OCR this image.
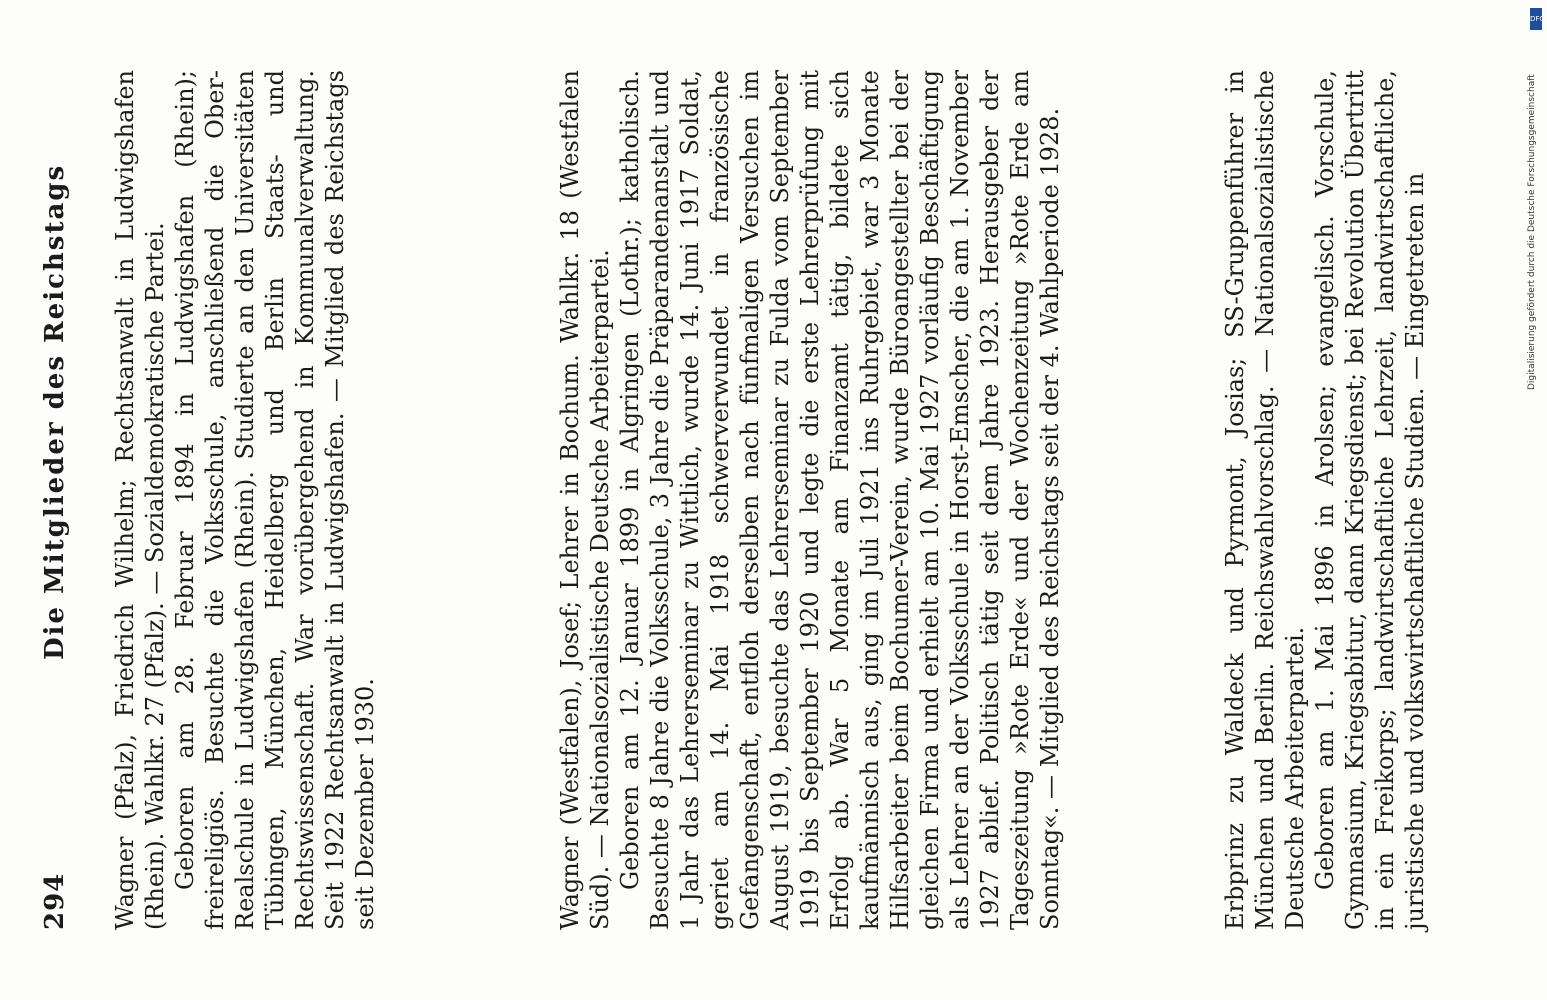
294
Die Mitglieder des Reichstags Wagner (Pfalz), Friedrich Wilhelm; Rechtsanwalt in Ludwigshafen (Rhein). Wahlkr. 27 (Pfalz). — Sozialdemokratische Partei. Geboren am 28. Februar 1894 in Ludwigshafen (Rhein); freireligiös. Besuchte die Volksschule, anschließend die Ober-Realschule in Ludwigshafen (Rhein). Studierte an den Universitäten Tübingen, München, Heidelberg und Berlin Staats- und Rechtswissenschaft. War vorübergehend in Kommunalverwaltung. Seit 1922 Rechtsanwalt in Ludwigshafen. — Mitglied des Reichstags seit Dezember 1930.	Wagner (Westfalen), Josef; Lehrer in Bochum. Wahlkr. 18 (Westfalen Süd). — Nationalsozialistische Deutsche Arbeiterpartei. Geboren am 12. Januar 1899 in Algringen (Lothr.); katholisch. Besuchte 8 Jahre die Volksschule, 3 Jahre die Präparandenanstalt und 1 Jahr das Lehrerseminar zu Wittlich, wurde 14. Juni 1917 Soldat, geriet am 14. Mai 1918 schwerverwundet in französische Gefangenschaft, entfloh derselben nach fünfmaligen Versuchen im August 1919, besuchte das Lehrerseminar zu Fulda vom September 1919 bis September 1920 und legte die erste Lehrerprüfung mit Erfolg ab. War 5 Monate am Finanzamt tätig, bildete sich kaufmännisch aus, ging im Juli 1921 ins Ruhrgebiet, war 3 Monate Hilfsarbeiter beim Bochumer-Verein, wurde Büroangestellter bei der gleichen Firma und erhielt am 10. Mai 1927 vorläufig Beschäftigung als Lehrer an der Volksschule in Horst-Emscher, die am 1. November 1927 ablief. Politisch tätig seit dem Jahre 1923. Herausgeber der Tageszeitung »Rote Erde« und der Wochenzeitung »Rote Erde am Sonntag«. — Mitglied des Reichstags seit der 4. Wahlperiode 1928.	Erbprinz zu Waldeck und Pyrmont, Josias; SS-Gruppenführer in München und Berlin. Reichswahlvorschlag. — Nationalsozialistische Deutsche Arbeiterpartei. Geboren am 1. Mai 1896 in Arolsen; evangelisch. Vorschule, Gymnasium, Kriegsabitur, dann Kriegsdienst; bei Revolution Übertritt in ein Freikorps; landwirtschaftliche Lehrzeit, landwirtschaftliche, juristische und volkswirtschaftliche Studien. — Eingetreten in

DFG
Digitalisierung gefördert durch die Deutsche Forschungsgemeinschaft
